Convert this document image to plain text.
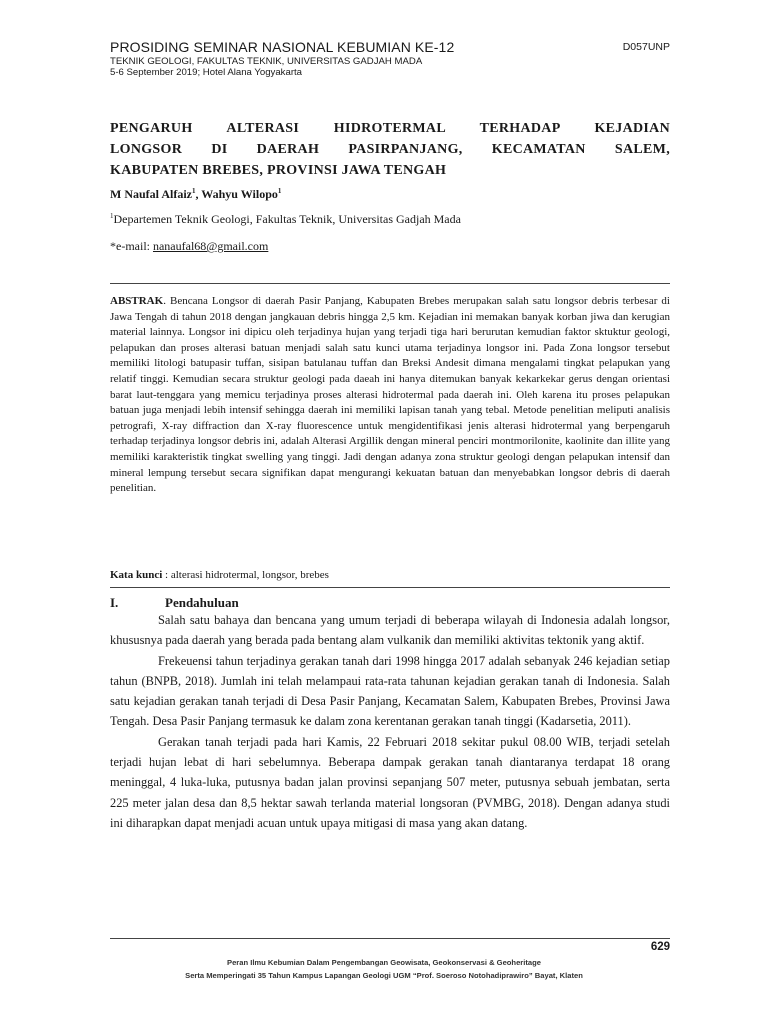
PROSIDING SEMINAR NASIONAL KEBUMIAN KE-12
TEKNIK GEOLOGI, FAKULTAS TEKNIK, UNIVERSITAS GADJAH MADA
5-6 September 2019; Hotel Alana Yogyakarta
D057UNP
PENGARUH ALTERASI HIDROTERMAL TERHADAP KEJADIAN
LONGSOR DI DAERAH PASIRPANJANG, KECAMATAN SALEM,
KABUPATEN BREBES, PROVINSI JAWA TENGAH
M Naufal Alfaiz$^1$, Wahyu Wilopo$^1$
$^1$Departemen Teknik Geologi, Fakultas Teknik, Universitas Gadjah Mada
*e-mail: nanaufal68@gmail.com
ABSTRAK. Bencana Longsor di daerah Pasir Panjang, Kabupaten Brebes merupakan salah satu longsor debris terbesar di Jawa Tengah di tahun 2018 dengan jangkauan debris hingga 2,5 km. Kejadian ini memakan banyak korban jiwa dan kerugian material lainnya. Longsor ini dipicu oleh terjadinya hujan yang terjadi tiga hari berurutan kemudian faktor sktuktur geologi, pelapukan dan proses alterasi batuan menjadi salah satu kunci utama terjadinya longsor ini. Pada Zona longsor tersebut memiliki litologi batupasir tuffan, sisipan batulanau tuffan dan Breksi Andesit dimana mengalami tingkat pelapukan yang relatif tinggi. Kemudian secara struktur geologi pada daeah ini hanya ditemukan banyak kekarkekar gerus dengan orientasi barat laut-tenggara yang memicu terjadinya proses alterasi hidrotermal pada daerah ini. Oleh karena itu proses pelapukan batuan juga menjadi lebih intensif sehingga daerah ini memiliki lapisan tanah yang tebal. Metode penelitian meliputi analisis petrografi, X-ray diffraction dan X-ray fluorescence untuk mengidentifikasi jenis alterasi hidrotermal yang berpengaruh terhadap terjadinya longsor debris ini, adalah Alterasi Argillik dengan mineral penciri montmorilonite, kaolinite dan illite yang memiliki karakteristik tingkat swelling yang tinggi. Jadi dengan adanya zona struktur geologi dengan pelapukan intensif dan mineral lempung tersebut secara signifikan dapat mengurangi kekuatan batuan dan menyebabkan longsor debris di daerah penelitian.
Kata kunci : alterasi hidrotermal, longsor, brebes
I.	Pendahuluan

Salah satu bahaya dan bencana yang umum terjadi di beberapa wilayah di Indonesia adalah longsor, khususnya pada daerah yang berada pada bentang alam vulkanik dan memiliki aktivitas tektonik yang aktif.

Frekeuensi tahun terjadinya gerakan tanah dari 1998 hingga 2017 adalah sebanyak 246 kejadian setiap tahun (BNPB, 2018). Jumlah ini telah melampaui rata-rata tahunan kejadian gerakan tanah di Indonesia. Salah satu kejadian gerakan tanah terjadi di Desa Pasir Panjang, Kecamatan Salem, Kabupaten Brebes, Provinsi Jawa Tengah. Desa Pasir Panjang termasuk ke dalam zona kerentanan gerakan tanah tinggi (Kadarsetia, 2011).

Gerakan tanah terjadi pada hari Kamis, 22 Februari 2018 sekitar pukul 08.00 WIB, terjadi setelah terjadi hujan lebat di hari sebelumnya. Beberapa dampak gerakan tanah diantaranya terdapat 18 orang meninggal, 4 luka-luka, putusnya badan jalan provinsi sepanjang 507 meter, putusnya sebuah jembatan, serta 225 meter jalan desa dan 8,5 hektar sawah terlanda material longsoran (PVMBG, 2018). Dengan adanya studi ini diharapkan dapat menjadi acuan untuk upaya mitigasi di masa yang akan datang.

629
Peran Ilmu Kebumian Dalam Pengembangan Geowisata, Geokonservasi & Geoheritage
Serta Memperingati 35 Tahun Kampus Lapangan Geologi UGM “Prof. Soeroso Notohadiprawiro” Bayat, Klaten
